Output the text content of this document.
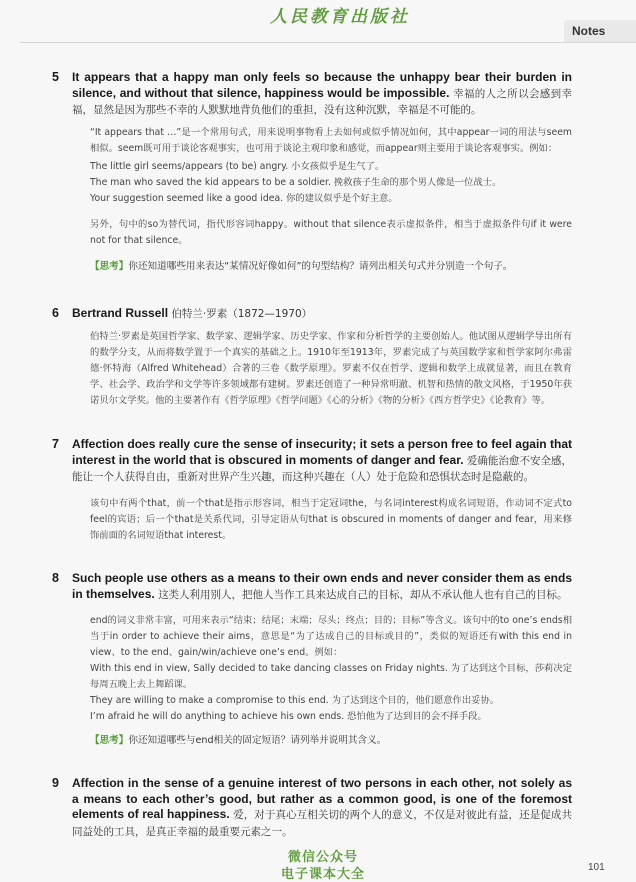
人民教育出版社
Notes
5 It appears that a happy man only feels so because the unhappy bear their burden in silence, and without that silence, happiness would be impossible. 幸福的人之所以会感到幸福，显然是因为那些不幸的人默默地背负他们的重担，没有这种沉默，幸福是不可能的。

“It appears that …”是一个常用句式，用来说明事物看上去如何或似乎情况如何，其中appear一词的用法与seem相似。seem既可用于谈论客观事实，也可用于谈论主观印象和感觉，而appear则主要用于谈论客观事实。例如：

The little girl seems/appears (to be) angry. 小女孩似乎是生气了。
The man who saved the kid appears to be a soldier. 挽救孩子生命的那个男人像是一位战士。
Your suggestion seemed like a good idea. 你的建议似乎是个好主意。

另外，句中的so为替代词，指代形容词happy。without that silence表示虚拟条件，相当于虚拟条件句if it were not for that silence。

【思考】你还知道哪些用来表达“某情况好像如何”的句型结构？请列出相关句式并分别造一个句子。
6 Bertrand Russell 伯特兰·罗素（1872—1970）

伯特兰·罗素是英国哲学家、数学家、逻辑学家、历史学家、作家和分析哲学的主要创始人。他试图从逻辑学导出所有的数学分支，从而将数学置于一个真实的基础之上。1910年至1913年，罗素完成了与英国数学家和哲学家阿尔弗雷德·怀特海（Alfred Whitehead）合著的三卷《数学原理》。罗素不仅在哲学、逻辑和数学上成就显著，而且在教育学、社会学、政治学和文学等许多领域都有建树。罗素还创造了一种异常明澈、机智和热情的散文风格，于1950年获诺贝尔文学奖。他的主要著作有《哲学原理》《哲学问题》《心的分析》《物的分析》《西方哲学史》《论教育》等。

7 Affection does really cure the sense of insecurity; it sets a person free to feel again that interest in the world that is obscured in moments of danger and fear. 爱确能治愈不安全感，能让一个人获得自由，重新对世界产生兴趣，而这种兴趣在（人）处于危险和恐惧状态时是隐蔽的。

该句中有两个that，前一个that是指示形容词，相当于定冠词the，与名词interest构成名词短语，作动词不定式to feel的宾语；后一个that是关系代词，引导定语从句that is obscured in moments of danger and fear，用来修饰前面的名词短语that interest。

8 Such people use others as a means to their own ends and never consider them as ends in themselves. 这类人利用别人，把他人当作工具来达成自己的目标，却从不承认他人也有自己的目标。

end的词义非常丰富，可用来表示“结束；结尾；末端；尽头；终点；目的；目标”等含义。该句中的to one’s ends相当于in order to achieve their aims，意思是“为了达成自己的目标或目的”，类似的短语还有with this end in view、to the end、gain/win/achieve one’s end。例如：

With this end in view, Sally decided to take dancing classes on Friday nights. 为了达到这个目标，莎莉决定每周五晚上去上舞蹈课。
They are willing to make a compromise to this end. 为了达到这个目的，他们愿意作出妥协。
I’m afraid he will do anything to achieve his own ends. 恐怕他为了达到目的会不择手段。
【思考】你还知道哪些与end相关的固定短语？请列举并说明其含义。
9 Affection in the sense of a genuine interest of two persons in each other, not solely as a means to each other’s good, but rather as a common good, is one of the foremost elements of real happiness. 爱，对于真心互相关切的两个人的意义，不仅是对彼此有益，还是促成共同益处的工具，是真正幸福的最重要元素之一。
微信公众号
电子课本大全	101
